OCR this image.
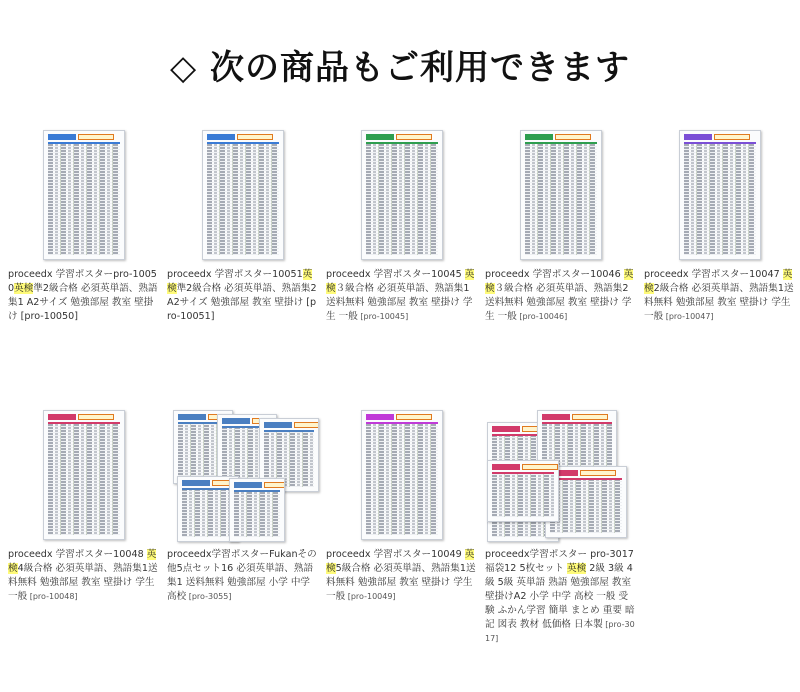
◇ 次の商品もご利用できます
proceedx 学習ポスターpro-10050英検準2級合格 必須英単語、熟語集1 A2サイズ 勉強部屋 教室 壁掛け [pro-10050]
proceedx 学習ポスター10051英検準2級合格 必須英単語、熟語集2 A2サイズ 勉強部屋 教室 壁掛け [pro-10051]
proceedx 学習ポスター10045 英検３級合格 必須英単語、熟語集1送料無料 勉強部屋 教室 壁掛け 学生 一般 [pro-10045]
proceedx 学習ポスター10046 英検３級合格 必須英単語、熟語集2送料無料 勉強部屋 教室 壁掛け 学生 一般 [pro-10046]
proceedx 学習ポスター10047 英検2級合格 必須英単語、熟語集1送料無料 勉強部屋 教室 壁掛け 学生 一般 [pro-10047]
proceedx 学習ポスター10048 英検4級合格 必須英単語、熟語集1送料無料 勉強部屋 教室 壁掛け 学生 一般 [pro-10048]
proceedx学習ポスターFukanその他5点セット16 必須英単語、熟語集1 送料無料 勉強部屋 小学 中学 高校 [pro-3055]
proceedx 学習ポスター10049 英検5級合格 必須英単語、熟語集1送料無料 勉強部屋 教室 壁掛け 学生 一般 [pro-10049]
proceedx学習ポスター pro-3017 福袋12 5枚セット 英検 2級 3級 4級 5級 英単語 熟語 勉強部屋 教室 壁掛けA2 小学 中学 高校 一般 受験 ふかん学習 簡単 まとめ 重要 暗記 図表 教材 低価格 日本製 [pro-3017]
